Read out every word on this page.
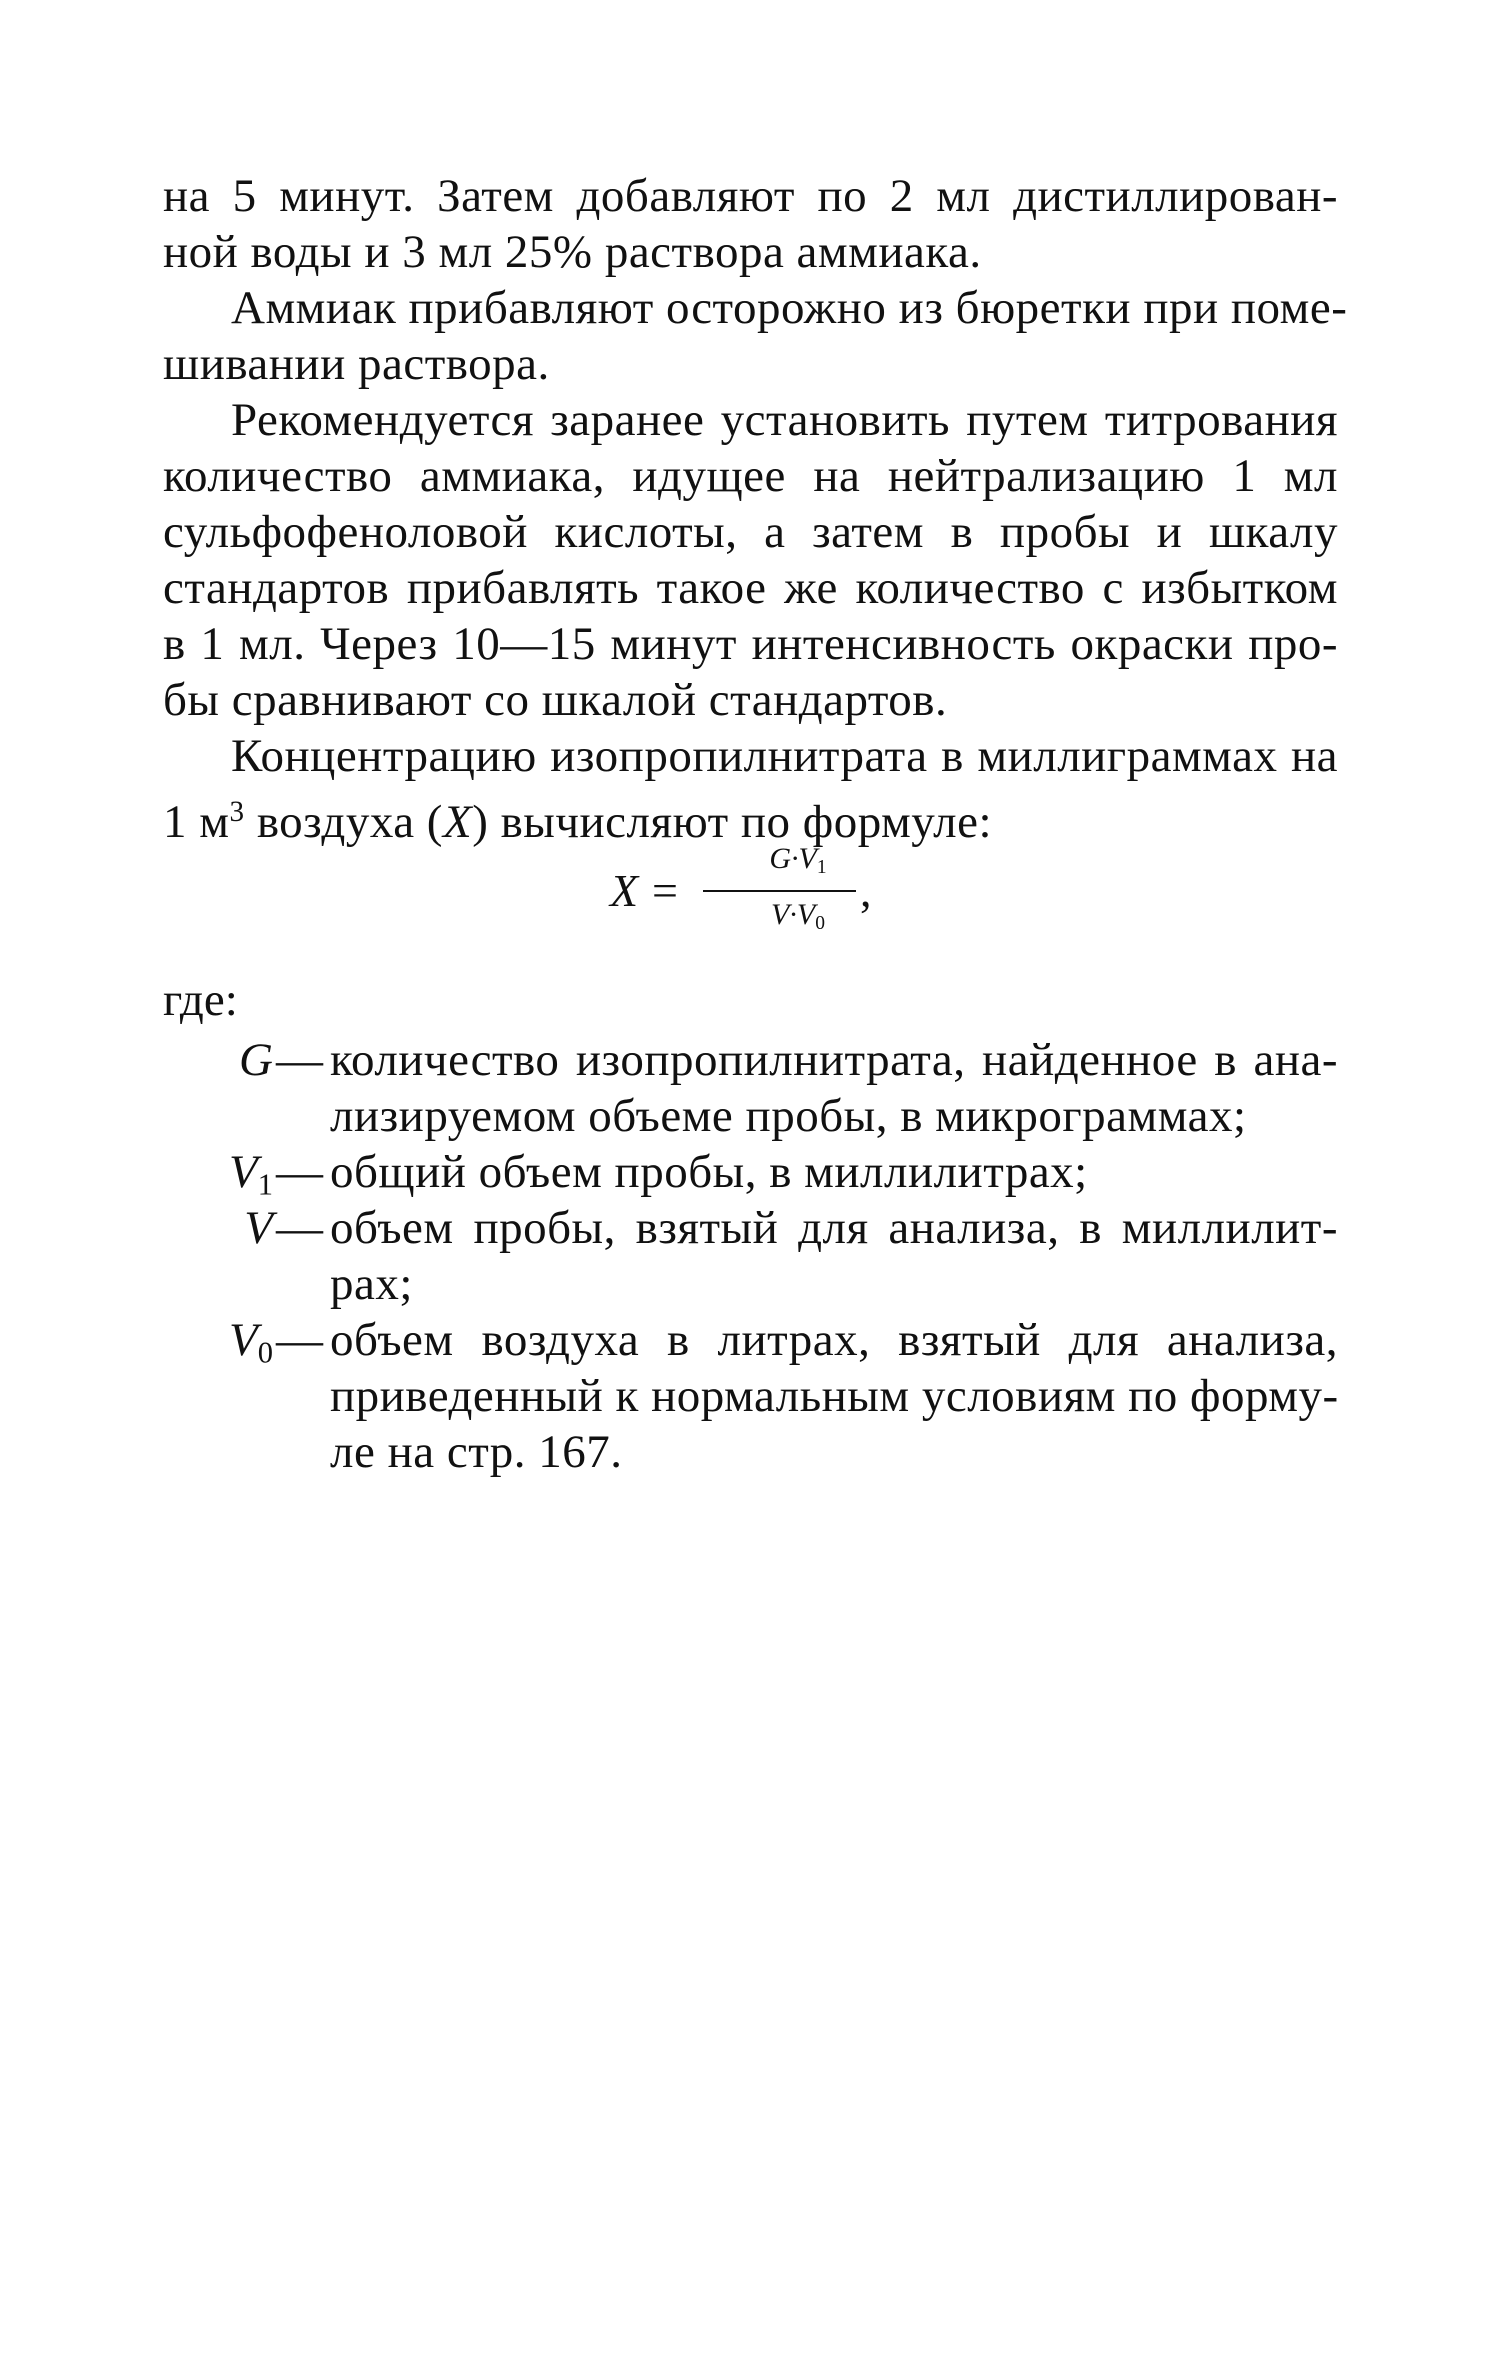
на 5 минут. Затем добавляют по 2 мл дистиллирован-
ной воды и 3 мл 25% раствора аммиака.
Аммиак прибавляют осторожно из бюретки при поме-
шивании раствора.
Рекомендуется заранее установить путем титрования
количество аммиака, идущее на нейтрализацию 1 мл
сульфофеноловой кислоты, а затем в пробы и шкалу
стандартов прибавлять такое же количество с избытком
в 1 мл. Через 10—15 минут интенсивность окраски про-
бы сравнивают со шкалой стандартов.
Концентрацию изопропилнитрата в миллиграммах на
1 $м^3$ воздуха (X) вычисляют по формуле:
X =
$G\cdot V_1$
$V\cdot V_0$
,
где:
G — количество изопропилнитрата, найденное в ана-
лизируемом объеме пробы, в микрограммах;
$V_1$ — общий объем пробы, в миллилитрах;
V — объем пробы, взятый для анализа, в миллилит-
рах;
$V_0$ — объем воздуха в литрах, взятый для анализа,
приведенный к нормальным условиям по форму-
ле на стр. 167.
